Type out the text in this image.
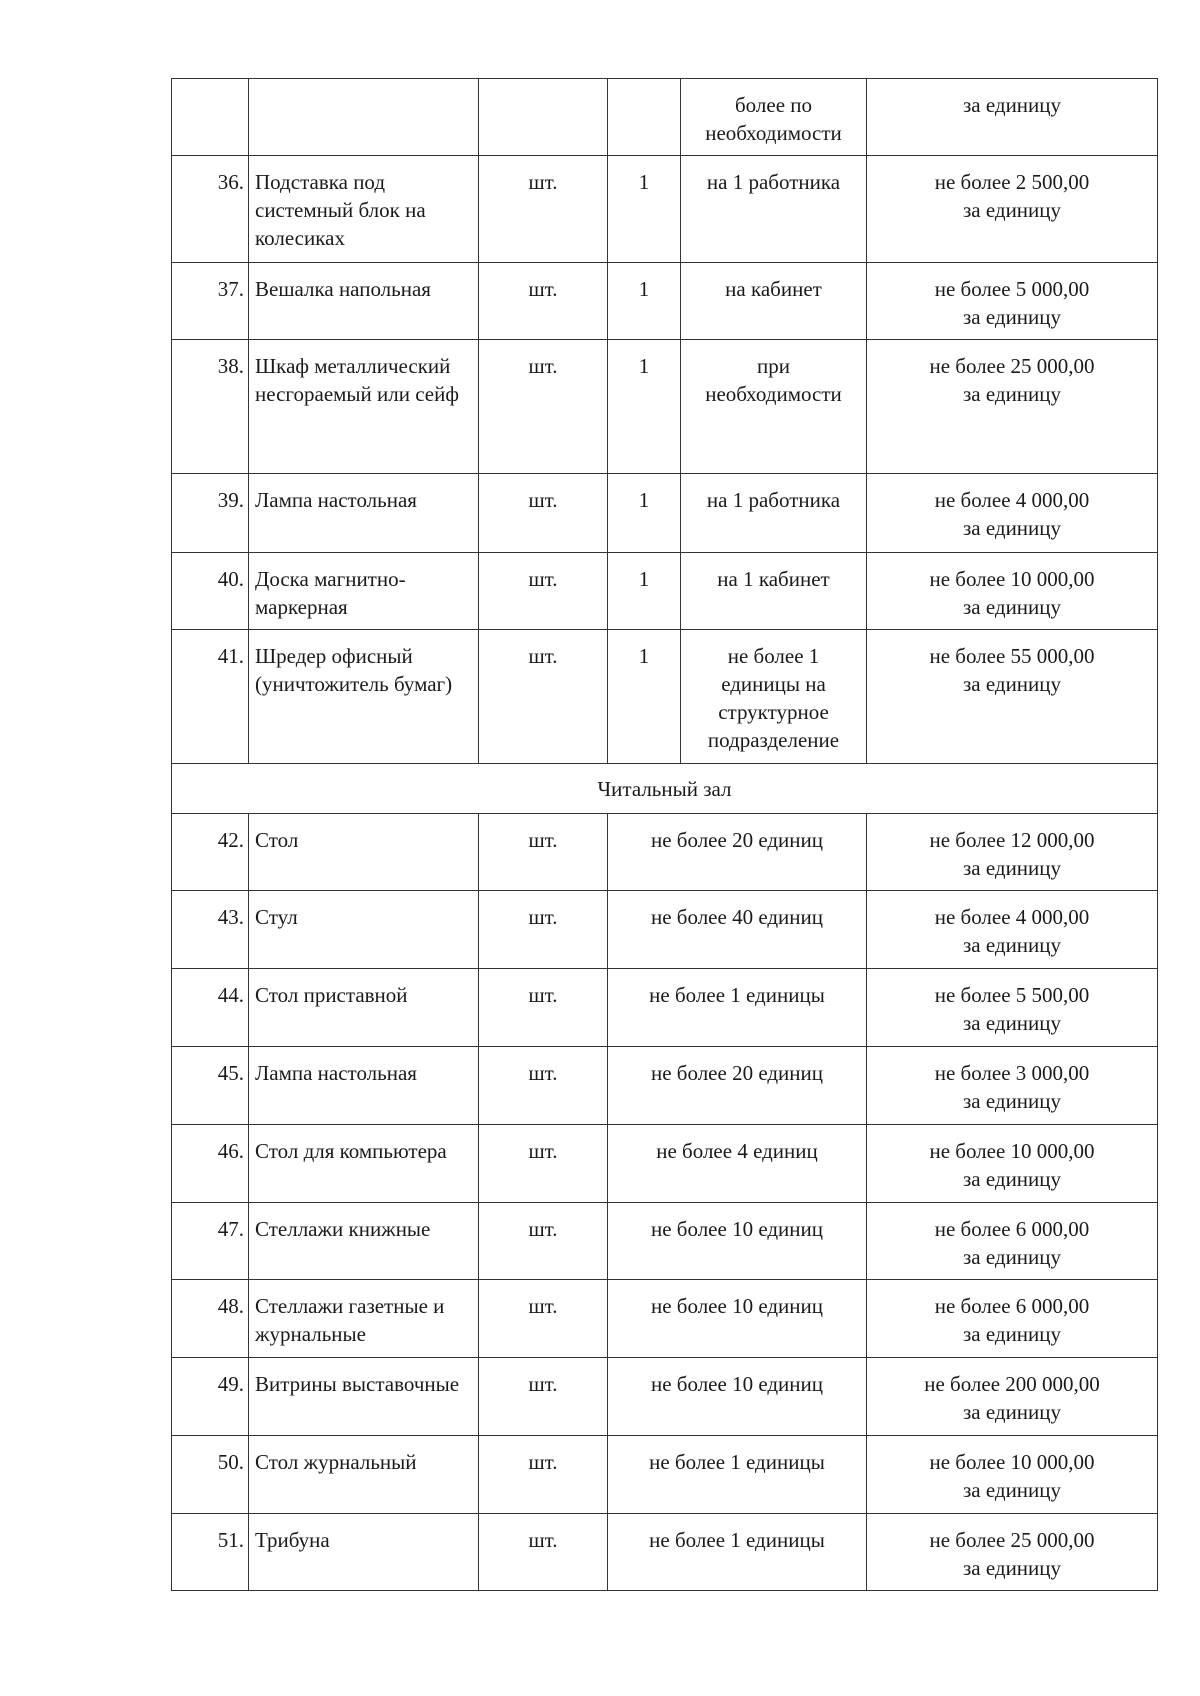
				более по необходимости	за единицу
36.	Подставка под системный блок на колесиках	шт.	1	на 1 работника	не более 2 500,00
за единицу

37.	Вешалка напольная	шт.	1	на кабинет	не более 5 000,00
за единицу

38.	Шкаф металлический несгораемый или сейф	шт.	1	при необходимости	не более 25 000,00
за единицу

39.	Лампа настольная	шт.	1	на 1 работника	не более 4 000,00
за единицу

40.	Доска магнитно-маркерная	шт.	1	на 1 кабинет	не более 10 000,00
за единицу

41.	Шредер офисный (уничтожитель бумаг)	шт.	1	не более 1 единицы на структурное подразделение	не более 55 000,00
за единицу

Читальный зал					
42.	Стол	шт.	не более 20 единиц		не более 12 000,00
за единицу

43.	Стул	шт.	не более 40 единиц		не более 4 000,00
за единицу

44.	Стол приставной	шт.	не более 1 единицы		не более 5 500,00
за единицу

45.	Лампа настольная	шт.	не более 20 единиц		не более 3 000,00
за единицу

46.	Стол для компьютера	шт.	не более 4 единиц		не более 10 000,00
за единицу

47.	Стеллажи книжные	шт.	не более 10 единиц		не более 6 000,00
за единицу

48.	Стеллажи газетные и журнальные	шт.	не более 10 единиц		не более 6 000,00
за единицу

49.	Витрины выставочные	шт.	не более 10 единиц		не более 200 000,00
за единицу

50.	Стол журнальный	шт.	не более 1 единицы		не более 10 000,00
за единицу

51.	Трибуна	шт.	не более 1 единицы		не более 25 000,00
за единицу
